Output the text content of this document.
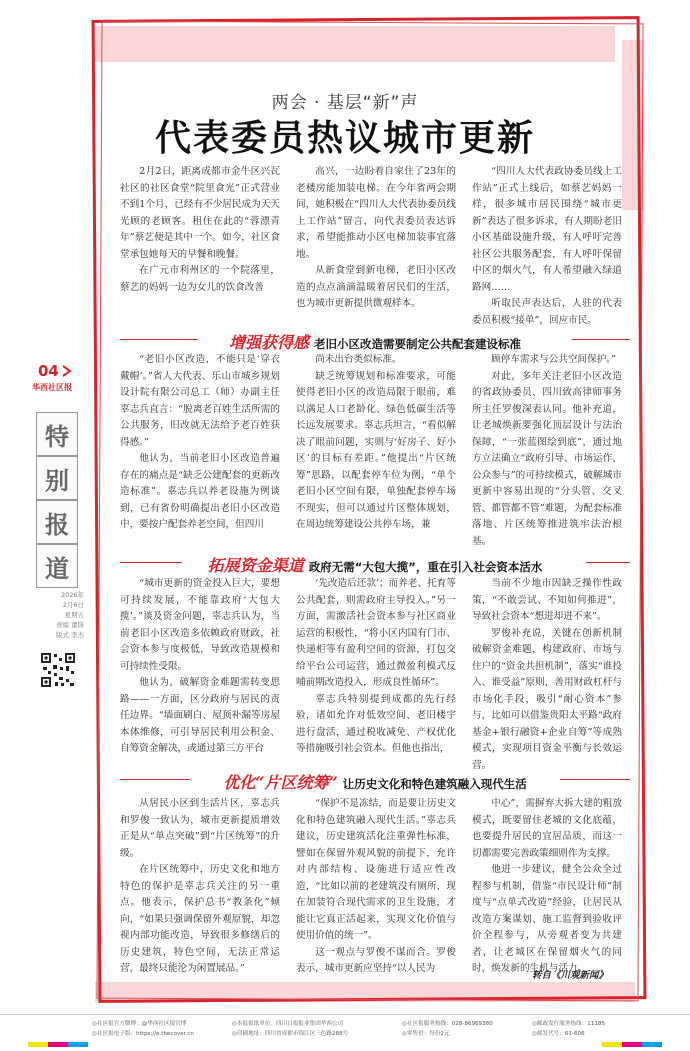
04
华西社区报
特
别
报
道
2026年
2月6日
星期五
责编 董锋
版式 李杰
两会 · 基层“新”声
代表委员热议城市更新

2月2日，距离成都市金牛区兴瓦社区的社区食堂“院里食光”正式营业不到1个月，已经有不少居民成为天天光顾的老顾客。租住在此的“蓉漂青年”蔡艺便是其中一个。如今，社区食堂承包她每天的早餐和晚餐。

在广元市利州区的一个院落里，蔡艺的妈妈一边为女儿的饮食改善

高兴，一边盼着自家住了23年的老楼房能加装电梯。在今年省两会期间，她积极在“四川人大代表协委员线上工作站”留言，向代表委员表达诉求，希望能推动小区电梯加装事宜落地。

从新食堂到新电梯，老旧小区改造的点点滴滴温暖着居民们的生活，也为城市更新提供微观样本。

“四川人大代表政协委员线上工作站”正式上线后，如蔡艺妈妈一样，很多城市居民围绕“城市更新”表达了很多诉求，有人期盼老旧小区基础设施升级，有人呼吁完善社区公共服务配套，有人呼吁保留中区的烟火气，有人希望融入绿道路网……

听取民声表达后，人驻的代表委员积极“接单”，回应市民。

增强获得感 老旧小区改造需要制定公共配套建设标准

“老旧小区改造，不能只是‘穿衣戴帽’。”省人大代表、乐山市城乡规划设计院有限公司总工（师）办副主任辜志兵直言：“脱离老百姓生活所需的公共服务，旧改就无法给予老百姓获得感。”

他认为，当前老旧小区改造普遍存在的痛点是“缺乏公建配套的更新改造标准”。辜志兵以养老设施为例谈到，已有省份明确提出老旧小区改造中，要按户配套养老空间，但四川

尚未出台类似标准。

缺乏统筹规划和标准要求，可能使得老旧小区的改造局限于眼前，难以满足人口老龄化、绿色低碳生活等长远发展要求。辜志兵坦言，“看似解决了眼前问题，实则与‘好房子、好小区’的目标有差距。”他提出“片区统筹”思路，以配套停车位为例，“单个老旧小区空间有限，单独配套停车场不现实，但可以通过片区整体规划，在周边统筹建设公共停车场，兼

顾停车需求与公共空间保护。”

对此，多年关注老旧小区改造的省政协委员、四川致高律师事务所主任罗俊深表认同。他补充道，让老城焕新要强化顶层设计与法治保障，“一张蓝图绘到底”，通过地方立法确立“政府引导、市场运作、公众参与”的可持续模式，破解城市更新中容易出现的“分头管、交叉管、都管都不管”难题，为配套标准落地、片区统筹推进筑牢法治根基。

拓展资金渠道 政府无需“大包大揽”，重在引入社会资本活水

“城市更新的资金投入巨大，要想可持续发展，不能靠政府‘大包大揽’。”谈及资金问题，辜志兵认为，当前老旧小区改造多依赖政府财政，社会资本参与度极低，导致改造规模和可持续性受限。

他认为，破解资金难题需转变思路——一方面，区分政府与居民的责任边界。“墙面刷白、屋顶补漏等房屋本体维修，可引导居民利用公积金、自筹资金解决，或通过第三方平台

‘先改造后还款’；而养老、托育等公共配套，则需政府主导投入。”另一方面，需激活社会资本参与社区商业运营的积极性，“将小区内国有门市、快递柜等有盈利空间的资源，打包交给平台公司运营，通过微盈利模式反哺前期改造投入，形成良性循环”。

辜志兵特别提到成都的先行经验，诸如允许对低效空间、老旧楼宇进行盘活，通过税收减免、产权优化等措施吸引社会资本。但他也指出，

当前不少地市因缺乏操作性政策，“不敢尝试、不知如何推进”，导致社会资本“想进却进不来”。

罗俊补充说，关键在创新机制破解资金难题，构建政府、市场与住户的“资金共担机制”，落实“谁投入、谁受益”原则，善用财政杠杆与市场化手段，吸引“耐心资本”参与，比如可以借鉴贵阳太平路“政府基金+银行融资+企业自筹”等成熟模式，实现项目资金平衡与长效运营。

优化“片区统筹” 让历史文化和特色建筑融入现代生活

从居民小区到生活片区，辜志兵和罗俊一致认为，城市更新提质增效正是从“单点突破”到“片区统筹”的升级。

在片区统筹中，历史文化和地方特色的保护是辜志兵关注的另一重点。他表示，保护总书“教条化”倾向，“如果只强调保留外观原貌，却忽视内部功能改造，导致很多修缮后的历史建筑，特色空间，无法正常运营，最终只能沦为闲置展品。”

“保护不是冻结，而是要让历史文化和特色建筑融入现代生活。”辜志兵建议，历史建筑活化注重弹性标准，譬如在保留外观风貌的前提下，允许对内部结构、设施进行适应性改造，“比如以前的老建筑没有厕所，现在加装符合现代需求的卫生设施，才能让它真正活起来，实现文化价值与使用价值的统一”。

这一观点与罗俊不谋而合。罗俊表示，城市更新应坚持“以人民为

中心”，需摒弃大拆大建的粗放模式，既要留住老城的文化底蕴，也要提升居民的宜居品质，而这一切都需要完善政策细则作为支撑。

他进一步建议，健全公众全过程参与机制，借鉴“市民设计师”制度与“点单式改造”经验，让居民从改造方案谋划、施工监督到验收评价全程参与，从旁观者变为共建者，让老城区在保留烟火气的同时，焕发新的生机与活力。

转自《川观新闻》
◎社区报官方微博：@华西社区报官博	◎本报报纸单位：四川日报报业集团华西公司	◎社区报服务热线：028-86969380	◎邮政发行服务热线：11185
◎社区报电子版：https://e.thecover.cn	◎印刷地址：四川省成都市锦江区三色路288号	◎零售价：每份2元	◎邮发代号：61-606
